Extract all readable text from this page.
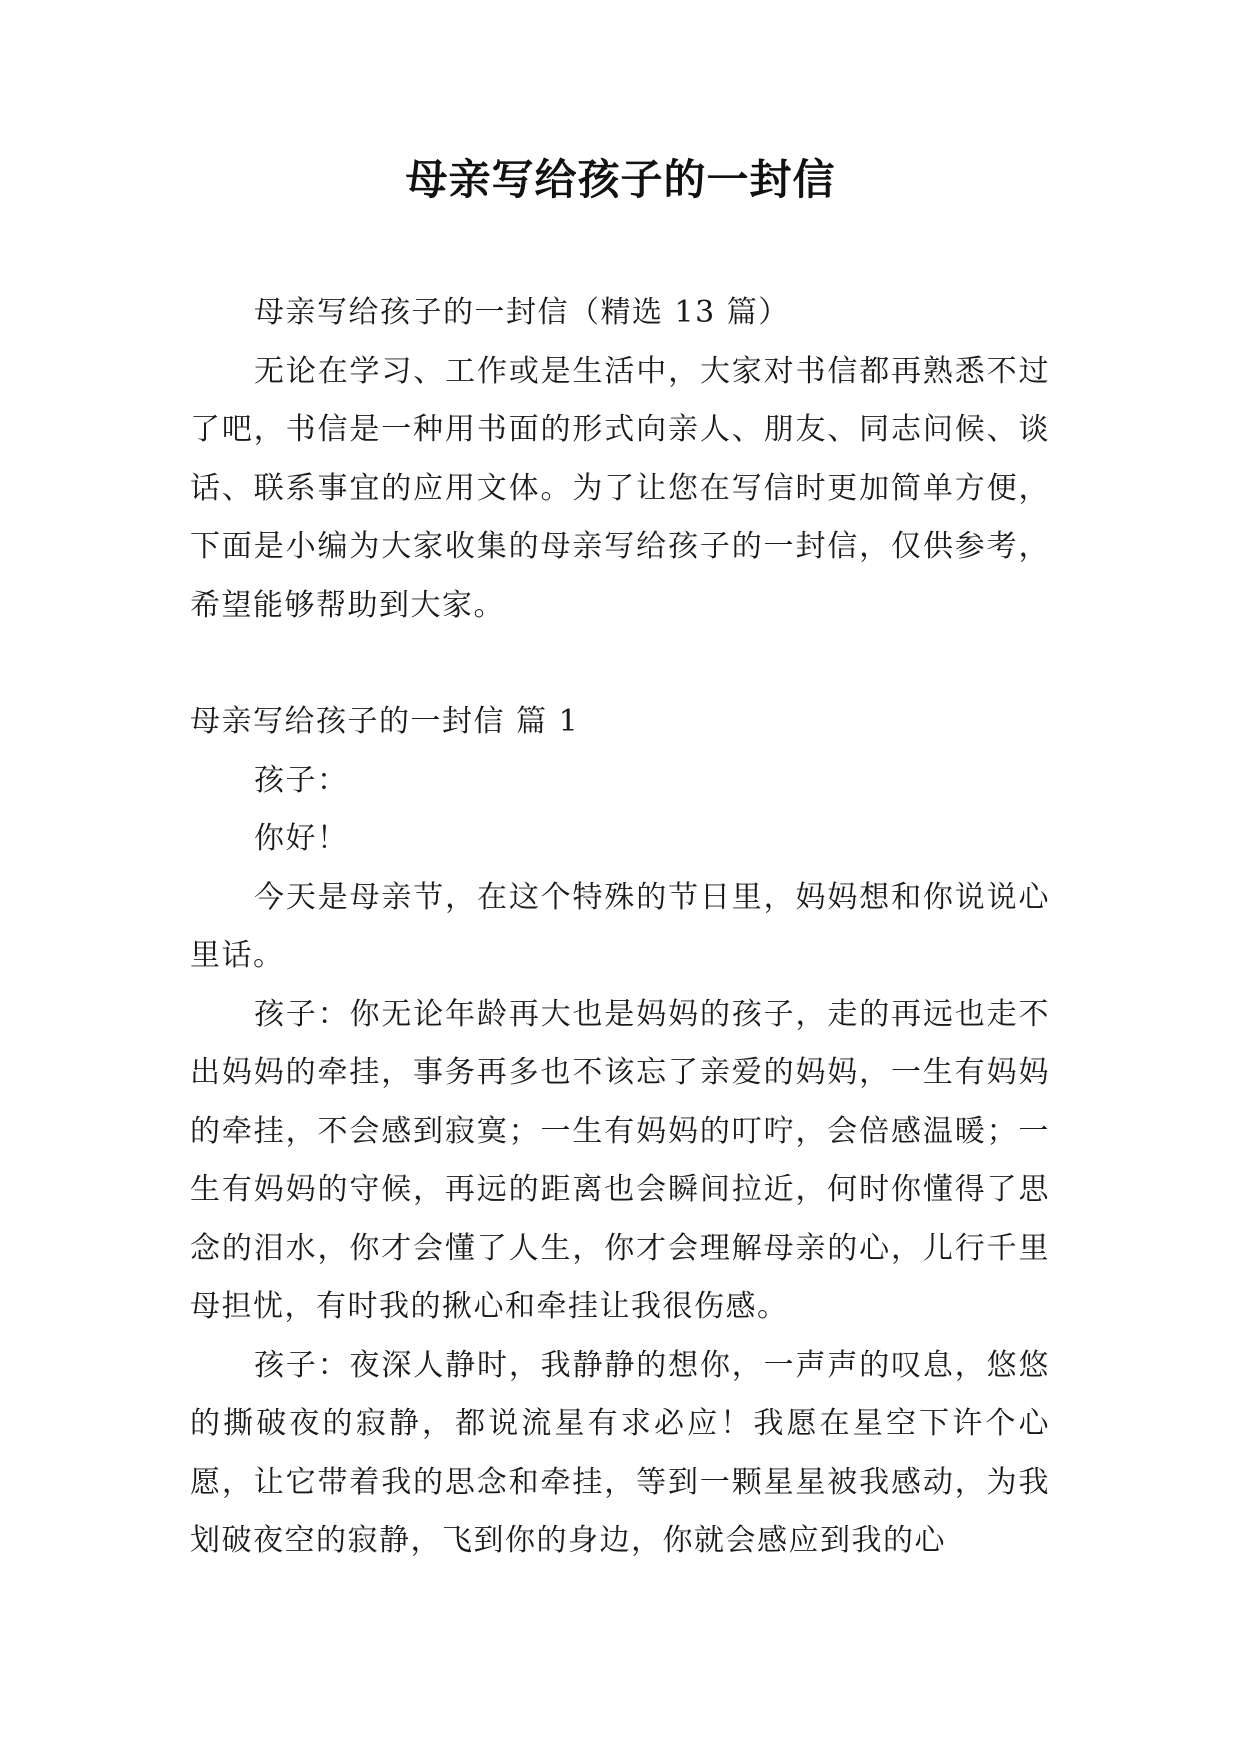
母亲写给孩子的一封信

母亲写给孩子的一封信（精选 13 篇）

无论在学习、工作或是生活中，大家对书信都再熟悉不过了吧，书信是一种用书面的形式向亲人、朋友、同志问候、谈话、联系事宜的应用文体。为了让您在写信时更加简单方便，下面是小编为大家收集的母亲写给孩子的一封信，仅供参考，希望能够帮助到大家。

母亲写给孩子的一封信 篇 1

孩子：

你好！

今天是母亲节，在这个特殊的节日里，妈妈想和你说说心里话。

孩子：你无论年龄再大也是妈妈的孩子，走的再远也走不出妈妈的牵挂，事务再多也不该忘了亲爱的妈妈，一生有妈妈的牵挂，不会感到寂寞；一生有妈妈的叮咛，会倍感温暖；一生有妈妈的守候，再远的距离也会瞬间拉近，何时你懂得了思念的泪水，你才会懂了人生，你才会理解母亲的心，儿行千里母担忧，有时我的揪心和牵挂让我很伤感。

孩子：夜深人静时，我静静的想你，一声声的叹息，悠悠的撕破夜的寂静，都说流星有求必应！我愿在星空下许个心愿，让它带着我的思念和牵挂，等到一颗星星被我感动，为我划破夜空的寂静，飞到你的身边，你就会感应到我的心
